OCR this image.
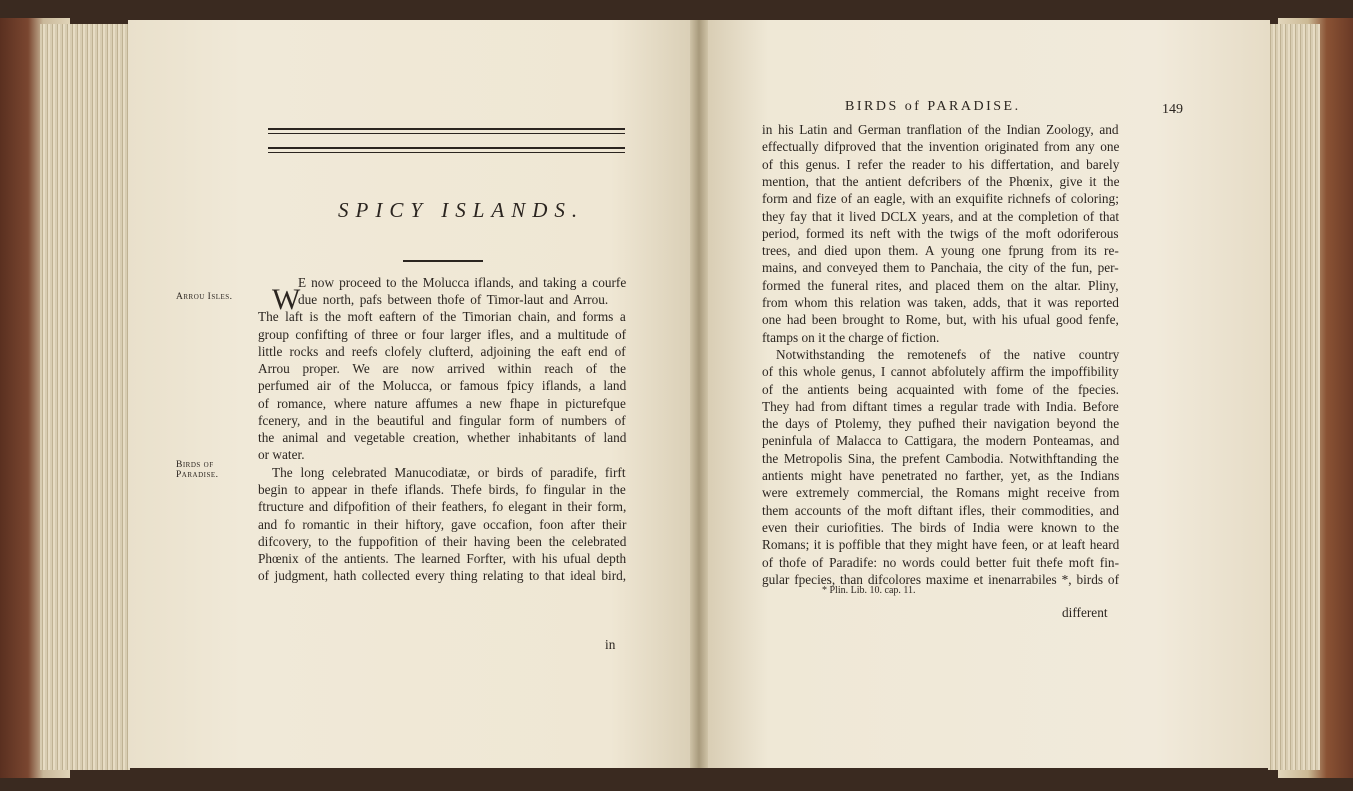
SPICY ISLANDS.
Arrou Isles.
Birds of
Paradise.
W
E now proceed to the Molucca iflands, and taking a courfe
due north, pafs between thofe of Timor-laut and Arrou.
The laft is the moft eaftern of the Timorian chain, and forms a
group confifting of three or four larger ifles, and a multitude of
little rocks and reefs clofely clufterd, adjoining the eaft end of
Arrou proper. We are now arrived within reach of the
perfumed air of the Molucca, or famous fpicy iflands, a land
of romance, where nature affumes a new fhape in picturefque
fcenery, and in the beautiful and fingular form of numbers of
the animal and vegetable creation, whether inhabitants of land
or water.
The long celebrated Manucodiatæ, or birds of paradife, firft
begin to appear in thefe iflands. Thefe birds, fo fingular in the
ftructure and difpofition of their feathers, fo elegant in their form,
and fo romantic in their hiftory, gave occafion, foon after their
difcovery, to the fuppofition of their having been the celebrated
Phœnix of the antients. The learned Forfter, with his ufual depth
of judgment, hath collected every thing relating to that ideal bird,
in
BIRDS of PARADISE.	149
in his Latin and German tranflation of the Indian Zoology, and
effectually difproved that the invention originated from any one
of this genus. I refer the reader to his differtation, and barely
mention, that the antient defcribers of the Phœnix, give it the
form and fize of an eagle, with an exquifite richnefs of coloring;
they fay that it lived DCLX years, and at the completion of that
period, formed its neft with the twigs of the moft odoriferous
trees, and died upon them. A young one fprung from its re-
mains, and conveyed them to Panchaia, the city of the fun, per-
formed the funeral rites, and placed them on the altar. Pliny,
from whom this relation was taken, adds, that it was reported
one had been brought to Rome, but, with his ufual good fenfe,
ftamps on it the charge of fiction.
Notwithstanding the remotenefs of the native country
of this whole genus, I cannot abfolutely affirm the impoffibility
of the antients being acquainted with fome of the fpecies.
They had from diftant times a regular trade with India. Before
the days of Ptolemy, they pufhed their navigation beyond the
peninfula of Malacca to Cattigara, the modern Ponteamas, and
the Metropolis Sina, the prefent Cambodia. Notwithftanding the
antients might have penetrated no farther, yet, as the Indians
were extremely commercial, the Romans might receive from
them accounts of the moft diftant ifles, their commodities, and
even their curiofities. The birds of India were known to the
Romans; it is poffible that they might have feen, or at leaft heard
of thofe of Paradife: no words could better fuit thefe moft fin-
gular fpecies, than difcolores maxime et inenarrabiles *, birds of
* Plin. Lib. 10. cap. 11.
different
